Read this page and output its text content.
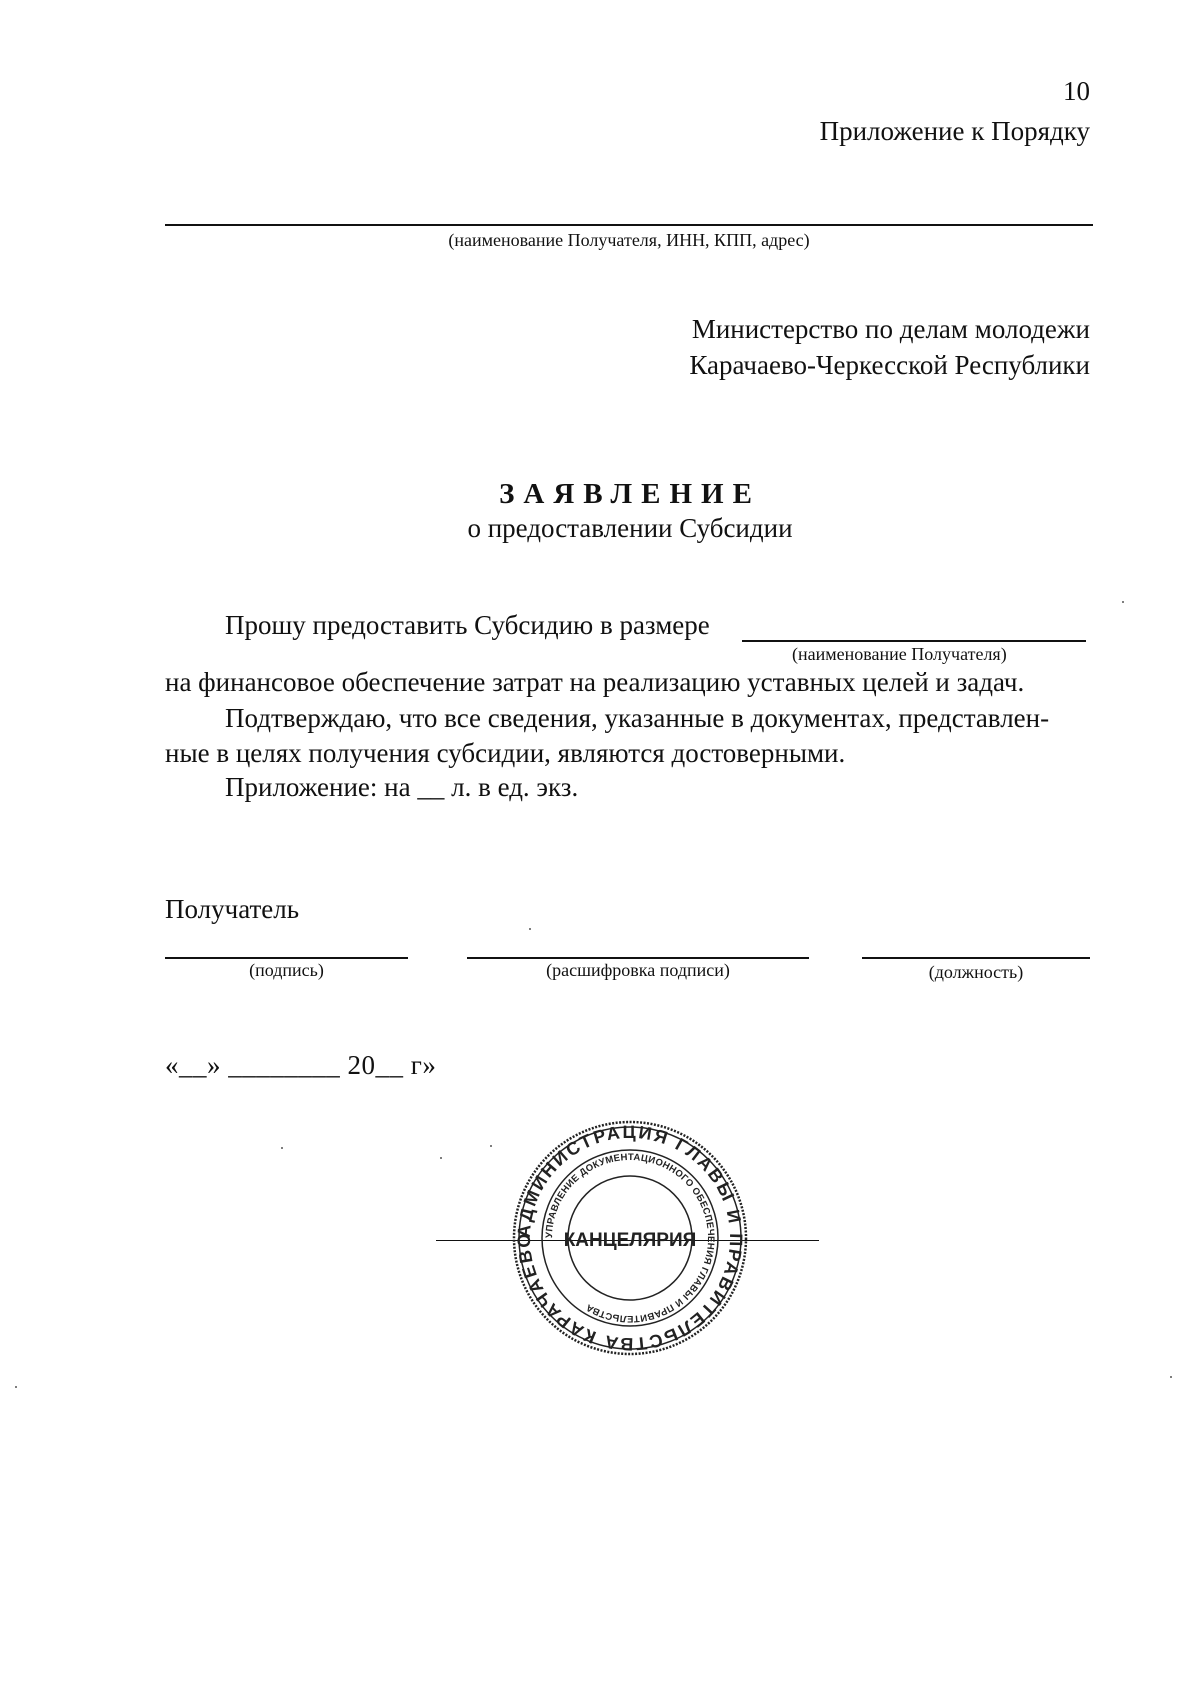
10
Приложение к Порядку
(наименование Получателя, ИНН, КПП, адрес)
Министерство по делам молодежи
Карачаево-Черкесской Республики
ЗАЯВЛЕНИЕ
о предоставлении Субсидии
Прошу предоставить Субсидию в размере
(наименование Получателя)
на финансовое обеспечение затрат на реализацию уставных целей и задач.
Подтверждаю, что все сведения, указанные в документах, представлен-
ные в целях получения субсидии, являются достоверными.
Приложение: на __ л. в ед. экз.
Получатель
(подпись)	(расшифровка подписи)	(должность)
«__» ________ 20__ г»
АДМИНИСТРАЦИЯ ГЛАВЫ И ПРАВИТЕЛЬСТВА КАРАЧАЕВО	УПРАВЛЕНИЕ ДОКУМЕНТАЦИОННОГО ОБЕСПЕЧЕНИЯ ГЛАВЫ И ПРАВИТЕЛЬСТВА
КАНЦЕЛЯРИЯ
